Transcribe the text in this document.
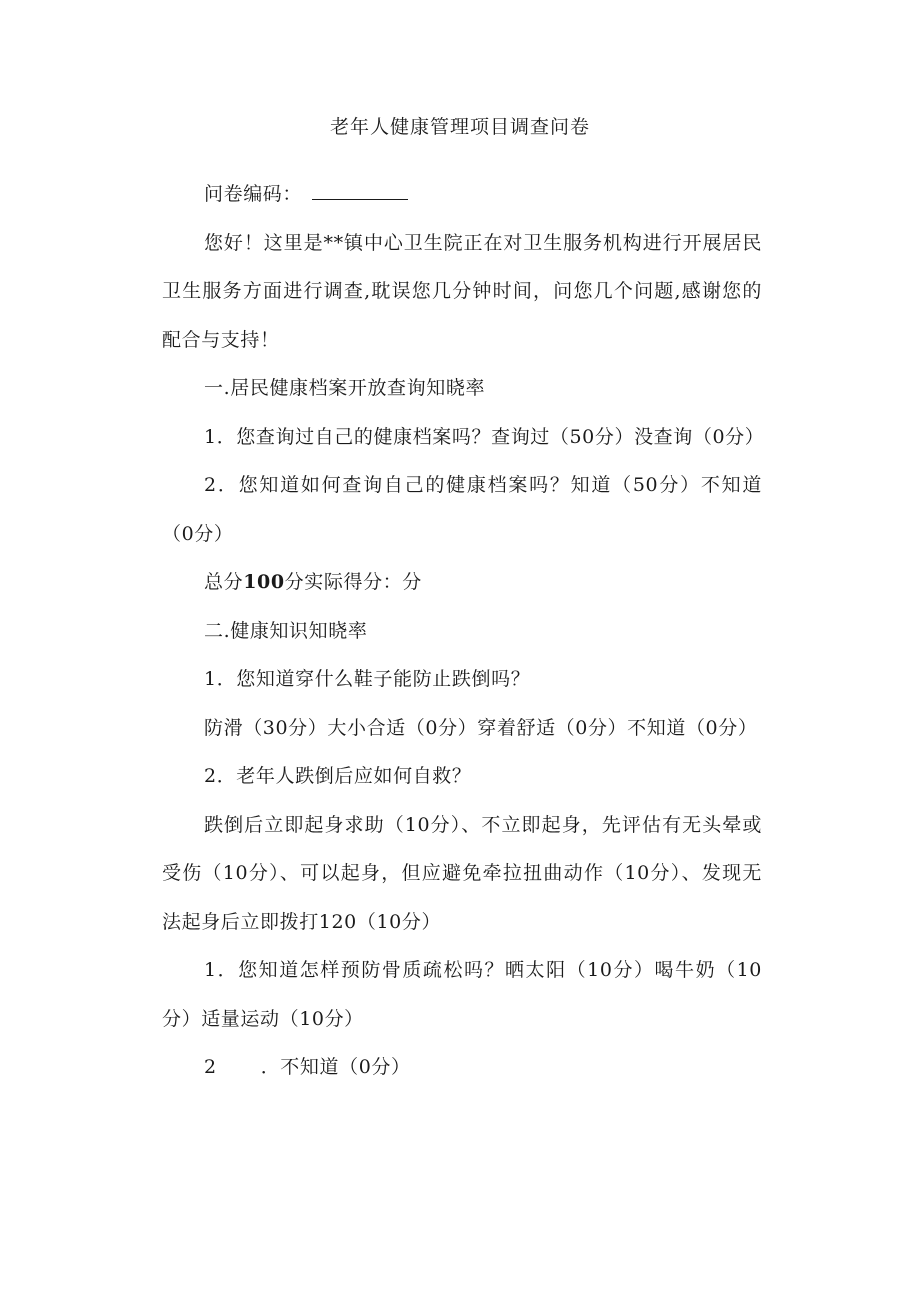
老年人健康管理项目调查问卷

问卷编码：

您好！这里是**镇中心卫生院正在对卫生服务机构进行开展居民卫生服务方面进行调查,耽误您几分钟时间，问您几个问题,感谢您的配合与支持！

一.居民健康档案开放查询知晓率

1．您查询过自己的健康档案吗？查询过（50分）没查询（0分）

2．您知道如何查询自己的健康档案吗？知道（50分）不知道（0分）

总分100分实际得分：分

二.健康知识知晓率

1．您知道穿什么鞋子能防止跌倒吗？

防滑（30分）大小合适（0分）穿着舒适（0分）不知道（0分）

2．老年人跌倒后应如何自救？

跌倒后立即起身求助（10分）、不立即起身，先评估有无头晕或受伤（10分）、可以起身，但应避免牵拉扭曲动作（10分）、发现无法起身后立即拨打120（10分）

1．您知道怎样预防骨质疏松吗？晒太阳（10分）喝牛奶（10分）适量运动（10分）

2 ．不知道（0分）
